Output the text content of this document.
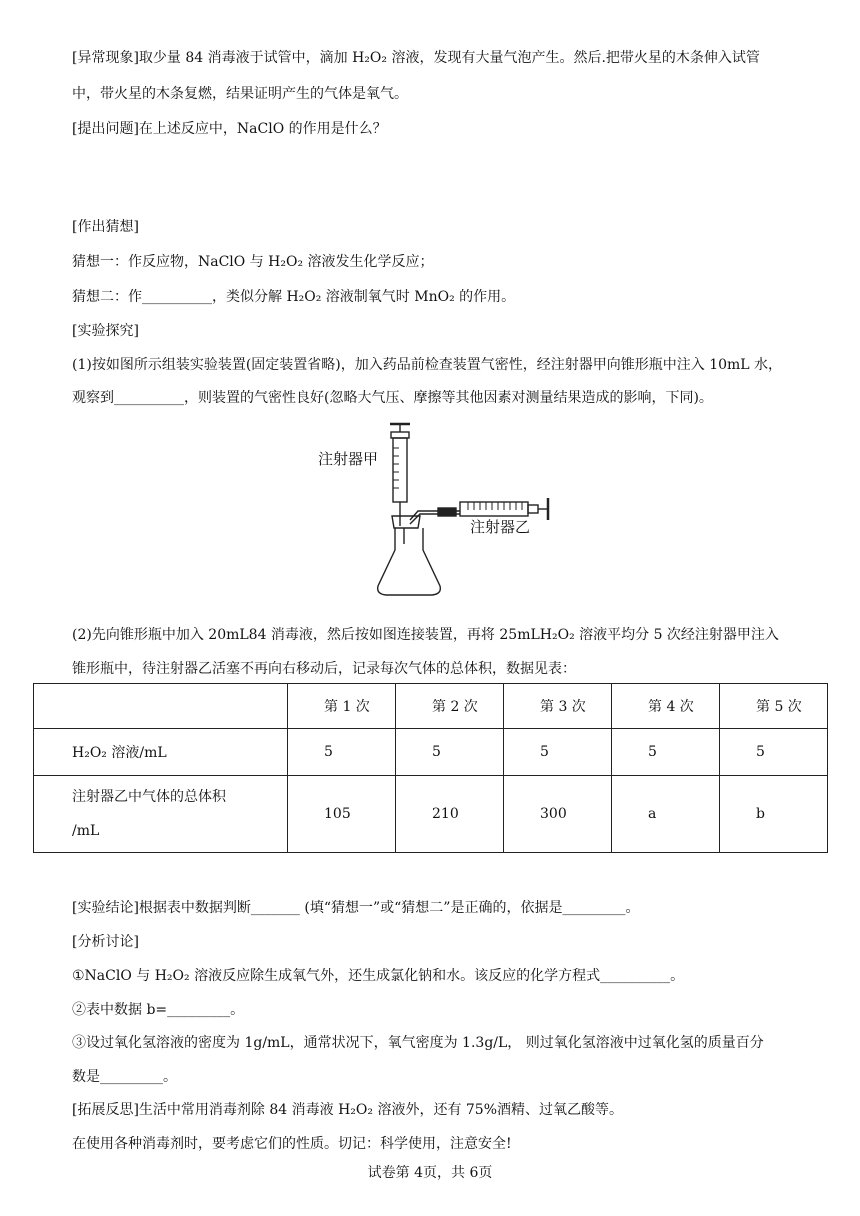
[异常现象]取少量 84 消毒液于试管中，滴加 H₂O₂ 溶液，发现有大量气泡产生。然后.把带火星的木条伸入试管
中，带火星的木条复燃，结果证明产生的气体是氧气。
[提出问题]在上述反应中，NaClO 的作用是什么？
[作出猜想]
猜想一：作反应物，NaClO 与 H₂O₂ 溶液发生化学反应；
猜想二：作__________，类似分解 H₂O₂ 溶液制氧气时 MnO₂ 的作用。
[实验探究]
(1)按如图所示组装实验装置(固定装置省略)，加入药品前检查装置气密性，经注射器甲向锥形瓶中注入 10mL 水，
观察到__________，则装置的气密性良好(忽略大气压、摩擦等其他因素对测量结果造成的影响，下同)。
(2)先向锥形瓶中加入 20mL84 消毒液，然后按如图连接装置，再将 25mLH₂O₂ 溶液平均分 5 次经注射器甲注入
锥形瓶中，待注射器乙活塞不再向右移动后，记录每次气体的总体积，数据见表：
注射器甲
注射器乙
	第 1 次	第 2 次	第 3 次	第 4 次	第 5 次
H₂O₂ 溶液/mL	5	5	5	5	5
注射器乙中气体的总体积
/mL	105	210	300	a	b
[实验结论]根据表中数据判断_______ (填“猜想一”或“猜想二”是正确的，依据是_________。
[分析讨论]
①NaClO 与 H₂O₂ 溶液反应除生成氧气外，还生成氯化钠和水。该反应的化学方程式__________。
②表中数据 b=_________。
③设过氧化氢溶液的密度为 1g/mL，通常状况下，氧气密度为 1.3g/L， 则过氧化氢溶液中过氧化氢的质量百分
数是_________。
[拓展反思]生活中常用消毒剂除 84 消毒液 H₂O₂ 溶液外，还有 75%酒精、过氧乙酸等。
在使用各种消毒剂时，要考虑它们的性质。切记：科学使用，注意安全!
试卷第 4页，共 6页
